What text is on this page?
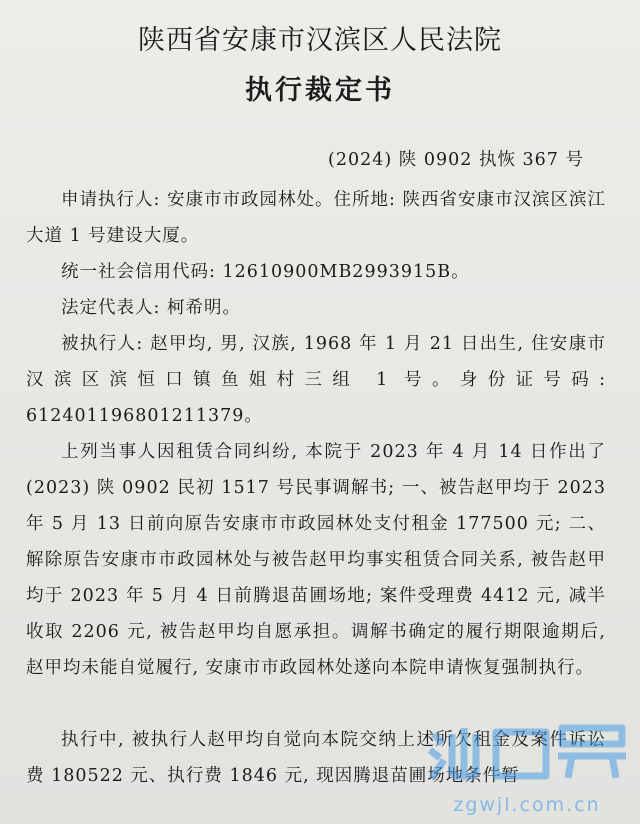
陕西省安康市汉滨区人民法院
执行裁定书
(2024) 陕 0902 执恢 367 号
申请执行人: 安康市市政园林处。住所地: 陕西省安康市汉滨区滨江大道 1 号建设大厦。
统一社会信用代码: 12610900MB2993915B。
法定代表人: 柯希明。
被执行人: 赵甲均, 男, 汉族, 1968 年 1 月 21 日出生, 住安康市汉滨区滨恒口镇鱼姐村三组 1 号。身份证号码: 612401196801211379。
上列当事人因租赁合同纠纷, 本院于 2023 年 4 月 14 日作出了(2023) 陕 0902 民初 1517 号民事调解书; 一、被告赵甲均于 2023 年 5 月 13 日前向原告安康市市政园林处支付租金 177500 元; 二、解除原告安康市市政园林处与被告赵甲均事实租赁合同关系, 被告赵甲均于 2023 年 5 月 4 日前腾退苗圃场地; 案件受理费 4412 元, 减半收取 2206 元, 被告赵甲均自愿承担。调解书确定的履行期限逾期后, 赵甲均未能自觉履行, 安康市市政园林处遂向本院申请恢复强制执行。
执行中, 被执行人赵甲均自觉向本院交纳上述所欠租金及案件诉讼费 180522 元、执行费 1846 元, 现因腾退苗圃场地条件暂
zgwjl.com.cn
